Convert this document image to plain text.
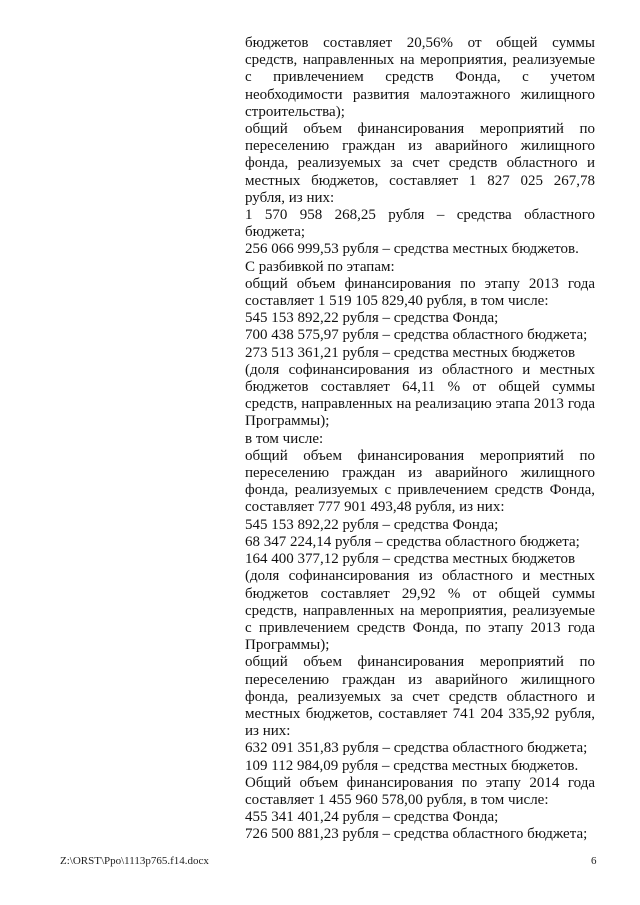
бюджетов составляет 20,56% от общей суммы средств, направленных на мероприятия, реализуемые с привлечением средств Фонда, с учетом необходимости развития малоэтажного жилищного строительства);

общий объем финансирования мероприятий по переселению граждан из аварийного жилищного фонда, реализуемых за счет средств областного и местных бюджетов, составляет 1 827 025 267,78 рубля, из них:

1 570 958 268,25 рубля – средства областного бюджета;

256 066 999,53 рубля – средства местных бюджетов.

С разбивкой по этапам:

общий объем финансирования по этапу 2013 года составляет 1 519 105 829,40 рубля, в том числе:

545 153 892,22 рубля – средства Фонда;

700 438 575,97 рубля – средства областного бюджета;

273 513 361,21 рубля – средства местных бюджетов

(доля софинансирования из областного и местных бюджетов составляет 64,11 % от общей суммы средств, направленных на реализацию этапа 2013 года Программы);

в том числе:

общий объем финансирования мероприятий по переселению граждан из аварийного жилищного фонда, реализуемых с привлечением средств Фонда, составляет 777 901 493,48 рубля, из них:

545 153 892,22 рубля – средства Фонда;

68 347 224,14 рубля – средства областного бюджета;

164 400 377,12 рубля – средства местных бюджетов

(доля софинансирования из областного и местных бюджетов составляет 29,92 % от общей суммы средств, направленных на мероприятия, реализуемые с привлечением средств Фонда, по этапу 2013 года Программы);

общий объем финансирования мероприятий по переселению граждан из аварийного жилищного фонда, реализуемых за счет средств областного и местных бюджетов, составляет 741 204 335,92 рубля, из них:

632 091 351,83 рубля – средства областного бюджета;

109 112 984,09 рубля – средства местных бюджетов.

Общий объем финансирования по этапу 2014 года составляет 1 455 960 578,00 рубля, в том числе:

455 341 401,24 рубля – средства Фонда;

726 500 881,23 рубля – средства областного бюджета;

Z:\ORST\Ppo\1113p765.f14.docx	6
